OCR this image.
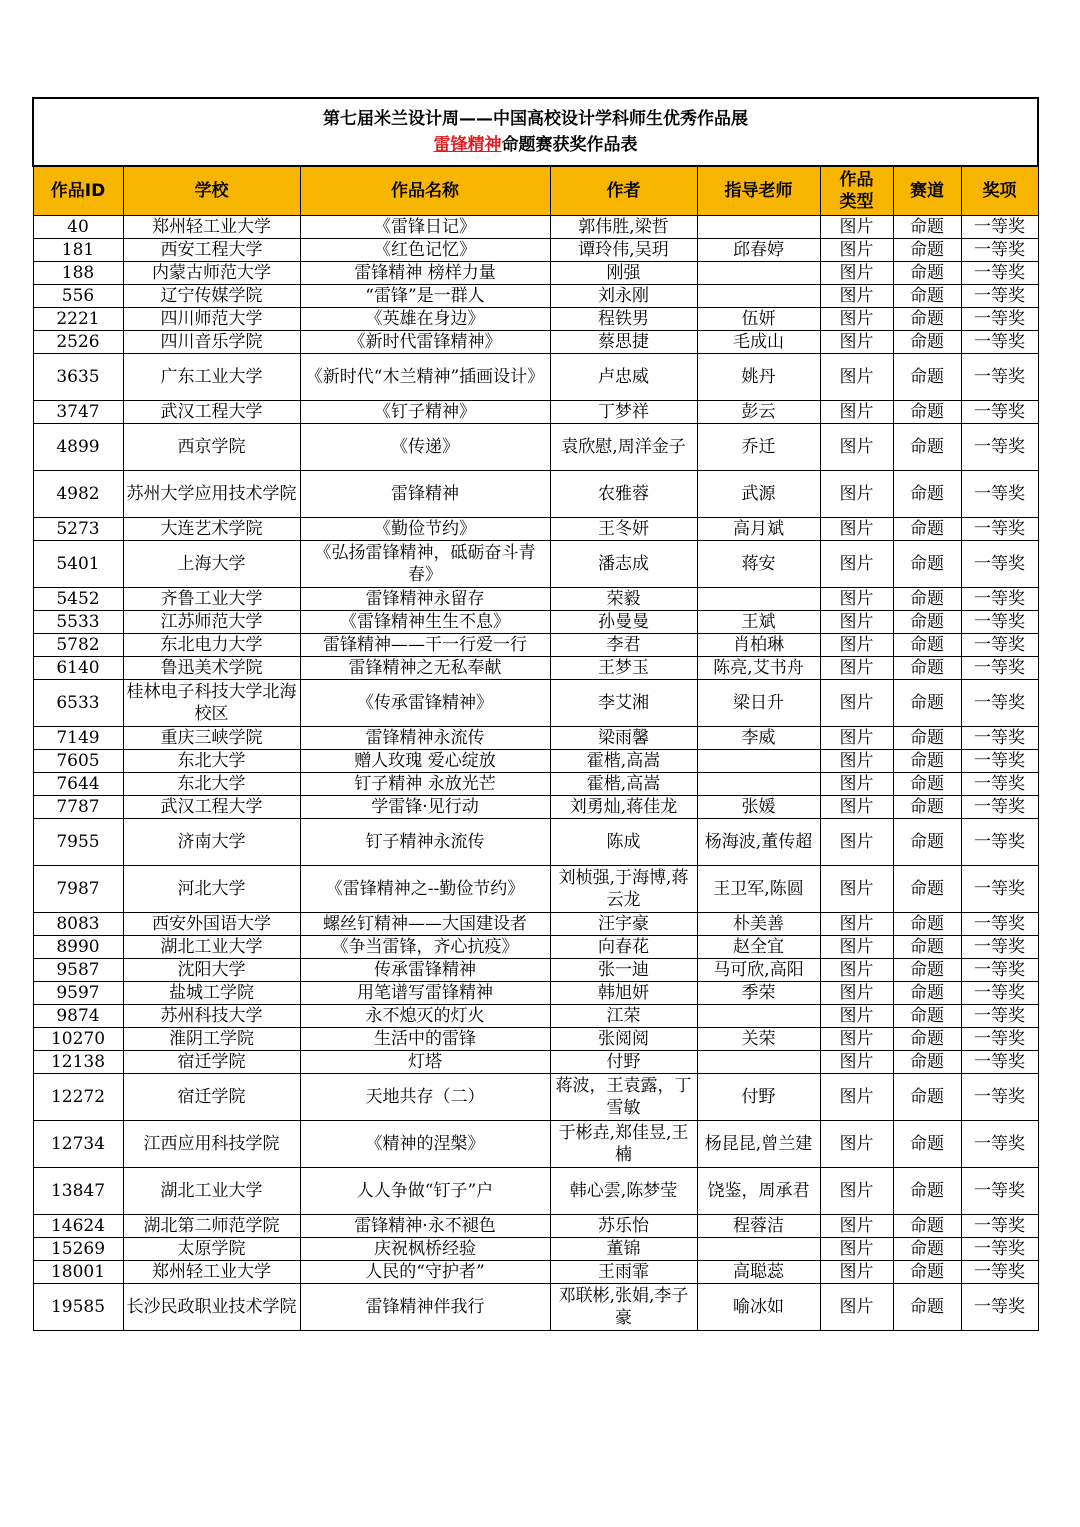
第七届米兰设计周——中国高校设计学科师生优秀作品展
雷锋精神命题赛获奖作品表							

作品ID	学校	作品名称	作者	指导老师	作品类型	赛道	奖项
40	郑州轻工业大学	《雷锋日记》	郭伟胜,梁哲		图片	命题	一等奖
181	西安工程大学	《红色记忆》	谭玲伟,吴玥	邱春婷	图片	命题	一等奖
188	内蒙古师范大学	雷锋精神 榜样力量	刚强		图片	命题	一等奖
556	辽宁传媒学院	“雷锋”是一群人	刘永刚		图片	命题	一等奖
2221	四川师范大学	《英雄在身边》	程铁男	伍妍	图片	命题	一等奖
2526	四川音乐学院	《新时代雷锋精神》	蔡思捷	毛成山	图片	命题	一等奖
3635	广东工业大学	《新时代“木兰精神”插画设计》	卢忠威	姚丹	图片	命题	一等奖
3747	武汉工程大学	《钉子精神》	丁梦祥	彭云	图片	命题	一等奖
4899	西京学院	《传递》	袁欣慰,周洋金子	乔迁	图片	命题	一等奖
4982	苏州大学应用技术学院	雷锋精神	农雅蓉	武源	图片	命题	一等奖
5273	大连艺术学院	《勤俭节约》	王冬妍	高月斌	图片	命题	一等奖
5401	上海大学	《弘扬雷锋精神，砥砺奋斗青春》	潘志成	蒋安	图片	命题	一等奖
5452	齐鲁工业大学	雷锋精神永留存	荣毅		图片	命题	一等奖
5533	江苏师范大学	《雷锋精神生生不息》	孙曼曼	王斌	图片	命题	一等奖
5782	东北电力大学	雷锋精神——干一行爱一行	李君	肖柏琳	图片	命题	一等奖
6140	鲁迅美术学院	雷锋精神之无私奉献	王梦玉	陈亮,艾书舟	图片	命题	一等奖
6533	桂林电子科技大学北海校区	《传承雷锋精神》	李艾湘	梁日升	图片	命题	一等奖
7149	重庆三峡学院	雷锋精神永流传	梁雨馨	李威	图片	命题	一等奖
7605	东北大学	赠人玫瑰 爱心绽放	霍楷,高嵩		图片	命题	一等奖
7644	东北大学	钉子精神 永放光芒	霍楷,高嵩		图片	命题	一等奖
7787	武汉工程大学	学雷锋·见行动	刘勇灿,蒋佳龙	张媛	图片	命题	一等奖
7955	济南大学	钉子精神永流传	陈成	杨海波,董传超	图片	命题	一等奖
7987	河北大学	《雷锋精神之--勤俭节约》	刘桢强,于海博,蒋云龙	王卫军,陈圆	图片	命题	一等奖
8083	西安外国语大学	螺丝钉精神——大国建设者	汪宇豪	朴美善	图片	命题	一等奖
8990	湖北工业大学	《争当雷锋，齐心抗疫》	向春花	赵全宜	图片	命题	一等奖
9587	沈阳大学	传承雷锋精神	张一迪	马可欣,高阳	图片	命题	一等奖
9597	盐城工学院	用笔谱写雷锋精神	韩旭妍	季荣	图片	命题	一等奖
9874	苏州科技大学	永不熄灭的灯火	江荣		图片	命题	一等奖
10270	淮阴工学院	生活中的雷锋	张阅阅	关荣	图片	命题	一等奖
12138	宿迁学院	灯塔	付野		图片	命题	一等奖
12272	宿迁学院	天地共存（二）	蒋波，王袁露，丁雪敏	付野	图片	命题	一等奖
12734	江西应用科技学院	《精神的涅槃》	于彬垚,郑佳昱,王楠	杨昆昆,曾兰建	图片	命题	一等奖
13847	湖北工业大学	人人争做“钉子”户	韩心雲,陈梦莹	饶鉴，周承君	图片	命题	一等奖
14624	湖北第二师范学院	雷锋精神·永不褪色	苏乐怡	程蓉洁	图片	命题	一等奖
15269	太原学院	庆祝枫桥经验	董锦		图片	命题	一等奖
18001	郑州轻工业大学	人民的“守护者”	王雨霏	高聪蕊	图片	命题	一等奖
19585	长沙民政职业技术学院	雷锋精神伴我行	邓联彬,张娟,李子豪	喻冰如	图片	命题	一等奖
